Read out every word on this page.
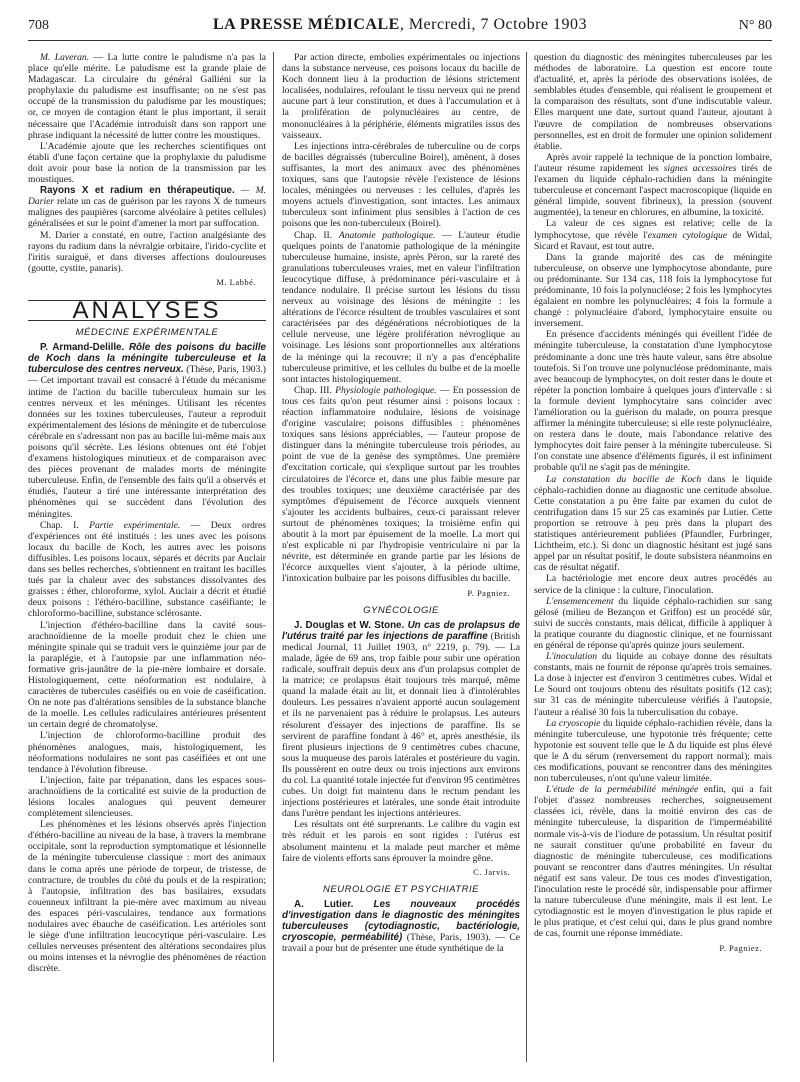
708	LA PRESSE MÉDICALE, Mercredi, 7 Octobre 1903	N° 80

M. Laveran. — La lutte contre le paludisme n'a pas la place qu'elle mérite. Le paludisme est la grande plaie de Madagascar. La circulaire du général Galliéni sur la prophylaxie du paludisme est insuffisante; on ne s'est pas occupé de la transmission du paludisme par les moustiques; or, ce moyen de contagion étant le plus important, il serait nécessaire que l'Académie introduisît dans son rapport une phrase indiquant la nécessité de lutter contre les moustiques.

L'Académie ajoute que les recherches scientifiques ont établi d'une façon certaine que la prophylaxie du paludisme doit avoir pour base la notion de la transmission par les moustiques.

Rayons X et radium en thérapeutique. — M. Darier relate un cas de guérison par les rayons X de tumeurs malignes des paupières (sarcome alvéolaire à petites cellules) généralisées et sur le point d'amener la mort par suffocation.

M. Darier a constaté, en outre, l'action analgésiante des rayons du radium dans la névralgie orbitaire, l'irido-cyclite et l'iritis suraiguë, et dans diverses affections douloureuses (goutte, cystite, panaris).

M. Labbé.
ANALYSES
MÉDECINE EXPÉRIMENTALE

P. Armand-Delille. Rôle des poisons du bacille de Koch dans la méningite tuberculeuse et la tuberculose des centres nerveux. (Thèse, Paris, 1903.) — Cet important travail est consacré à l'étude du mécanisme intime de l'action du bacille tuberculeux humain sur les centres nerveux et les méninges. Utilisant les récentes données sur les toxines tuberculeuses, l'auteur a reproduit expérimentalement des lésions de méningite et de tuberculose cérébrale en s'adressant non pas au bacille lui-même mais aux poisons qu'il sécrète. Les lésions obtenues ont été l'objet d'examens histologiques minutieux et de comparaison avec des pièces provenant de malades morts de méningite tuberculeuse. Enfin, de l'ensemble des faits qu'il a observés et étudiés, l'auteur a tiré une intéressante interprétation des phénomènes qui se succèdent dans l'évolution des méningites.

Chap. I. Partie expérimentale. — Deux ordres d'expériences ont été institués : les unes avec les poisons locaux du bacille de Koch, les autres avec les poisons diffusibles. Les poisons locaux, séparés et décrits par Auclair dans ses belles recherches, s'obtiennent en traitant les bacilles tués par la chaleur avec des substances dissolvantes des graisses : éther, chloroforme, xylol. Auclair a décrit et étudié deux poisons : l'éthéro-bacilline, substance caséifiante; le chloroformo-bacilline, substance sclérosante.

L'injection d'éthéro-bacilline dans la cavité sous-arachnoïdienne de la moelle produit chez le chien une méningite spinale qui se traduit vers le quinzième jour par de la paraplégie, et à l'autopsie par une inflammation néo-formative gris-jaunâtre de la pie-mère lombaire et dorsale. Histologiquement, cette néoformation est nodulaire, à caractères de tubercules caséifiés ou en voie de caséification. On ne note pas d'altérations sensibles de la substance blanche de la moelle. Les cellules radiculaires antérieures présentent un certain degré de chromatolyse.

L'injection de chloroformo-bacilline produit des phénomènes analogues, mais, histologiquement, les néoformations nodulaires ne sont pas caséifiées et ont une tendance à l'évolution fibreuse.

L'injection, faite par trépanation, dans les espaces sous-arachnoïdiens de la corticalité est suivie de la production de lésions locales analogues qui peuvent demeurer complètement silencieuses.

Les phénomènes et les lésions observés après l'injection d'éthéro-bacilline au niveau de la base, à travers la membrane occipitale, sont la reproduction symptomatique et lésionnelle de la méningite tuberculeuse classique : mort des animaux dans le coma après une période de torpeur, de tristesse, de contracture, de troubles du côté du pouls et de la respiration; à l'autopsie, infiltration des bas basilaires, exsudats couenneux infiltrant la pie-mère avec maximum au niveau des espaces péri-vasculaires, tendance aux formations nodulaires avec ébauche de caséification. Les artérioles sont le siège d'une infiltration leucocytique péri-vasculaire. Les cellules nerveuses présentent des altérations secondaires plus ou moins intenses et la névroglie des phénomènes de réaction discrète.

Par action directe, embolies expérimentales ou injections dans la substance nerveuse, ces poisons locaux du bacille de Koch donnent lieu à la production de lésions strictement localisées, nodulaires, refoulant le tissu nerveux qui ne prend aucune part à leur constitution, et dues à l'accumulation et à la prolifération de polynucléaires au centre, de mononucléaires à la périphérie, éléments migratiles issus des vaisseaux.

Les injections intra-cérébrales de tuberculine ou de corps de bacilles dégraissés (tuberculine Boirel), amènent, à doses suffisantes, la mort des animaux avec des phénomènes toxiques, sans que l'autopsie révèle l'existence de lésions locales, méningées ou nerveuses : les cellules, d'après les moyens actuels d'investigation, sont intactes. Les animaux tuberculeux sont infiniment plus sensibles à l'action de ces poisons que les non-tuberculeux (Boirel).

Chap. II. Anatomie pathologique. — L'auteur étudie quelques points de l'anatomie pathologique de la méningite tuberculeuse humaine, insiste, après Péron, sur la rareté des granulations tuberculeuses vraies, met en valeur l'infiltration leucocytique diffuse, à prédominance péri-vasculaire et à tendance nodulaire. Il précise surtout les lésions du tissu nerveux au voisinage des lésions de méningite : les altérations de l'écorce résultent de troubles vasculaires et sont caractérisées par des dégénérations nécrobiotiques de la cellule nerveuse, une légère prolifération névroglique au voisinage. Les lésions sont proportionnelles aux altérations de la méninge qui la recouvre; il n'y a pas d'encéphalite tuberculeuse primitive, et les cellules du bulbe et de la moelle sont intactes histologiquement.

Chap. III. Physiologie pathologique. — En possession de tous ces faits qu'on peut résumer ainsi : poisons locaux : réaction inflammatoire nodulaire, lésions de voisinage d'origine vasculaire; poisons diffusibles : phénomènes toxiques sans lésions appréciables, — l'auteur propose de distinguer dans la méningite tuberculeuse trois périodes, au point de vue de la genèse des symptômes. Une première d'excitation corticale, qui s'explique surtout par les troubles circulatoires de l'écorce et, dans une plus faible mesure par des troubles toxiques; une deuxième caractérisée par des symptômes d'épuisement de l'écorce auxquels viennent s'ajouter les accidents bulbaires, ceux-ci paraissant relever surtout de phénomènes toxiques; la troisième enfin qui aboutit à la mort par épuisement de la moelle. La mort qui n'est explicable ni par l'hydropisie ventriculaire ni par la névrite, est déterminée en grande partie par les lésions de l'écorce auxquelles vient s'ajouter, à la période ultime, l'intoxication bulbaire par les poisons diffusibles du bacille.

P. Pagniez.
GYNÉCOLOGIE

J. Douglas et W. Stone. Un cas de prolapsus de l'utérus traité par les injections de paraffine (British medical Journal, 11 Juillet 1903, n° 2219, p. 79). — La malade, âgée de 69 ans, trop faible pour subir une opération radicale, souffrait depuis deux ans d'un prolapsus complet de la matrice; ce prolapsus était toujours très marqué, même quand la malade était au lit, et donnait lieu à d'intolérables douleurs. Les pessaires n'avaient apporté aucun soulagement et ils ne parvenaient pas à réduire le prolapsus. Les auteurs résolurent d'essayer des injections de paraffine. Ils se servirent de paraffine fondant à 46° et, après anesthésie, ils firent plusieurs injections de 9 centimètres cubes chacune, sous la muqueuse des parois latérales et postérieure du vagin. Ils poussèrent en outre deux ou trois injections aux environs du col. La quantité totale injectée fut d'environ 95 centimètres cubes. Un doigt fut maintenu dans le rectum pendant les injections postérieures et latérales, une sonde était introduite dans l'urètre pendant les injections antérieures.

Les résultats ont été surprenants. Le calibre du vagin est très réduit et les parois en sont rigides : l'utérus est absolument maintenu et la malade peut marcher et même faire de violents efforts sans éprouver la moindre gêne.

C. Jarvis.
NEUROLOGIE ET PSYCHIATRIE

A. Lutier. Les nouveaux procédés d'investigation dans le diagnostic des méningites tuberculeuses (cytodiagnostic, bactériologie, cryoscopie, perméabilité) (Thèse, Paris, 1903). — Ce travail a pour but de présenter une étude synthétique de la

question du diagnostic des méningites tuberculeuses par les méthodes de laboratoire. La question est encore toute d'actualité, et, après la période des observations isolées, de semblables études d'ensemble, qui réalisent le groupement et la comparaison des résultats, sont d'une indiscutable valeur. Elles marquent une date, surtout quand l'auteur, ajoutant à l'œuvre de compilation de nombreuses observations personnelles, est en droit de formuler une opinion solidement établie.

Après avoir rappelé la technique de la ponction lombaire, l'auteur résume rapidement les signes accessoires tirés de l'examen du liquide céphalo-rachidien dans la méningite tuberculeuse et concernant l'aspect macroscopique (liquide en général limpide, souvent fibrineux), la pression (souvent augmentée), la teneur en chlorures, en albumine, la toxicité.

La valeur de ces signes est relative; celle de la lymphocytose, que révèle l'examen cytologique de Widal, Sicard et Ravaut, est tout autre.

Dans la grande majorité des cas de méningite tuberculeuse, on observe une lymphocytose abondante, pure ou prédominante. Sur 134 cas, 118 fois la lymphocytose fut prédominante, 10 fois la polynucléose; 2 fois les lymphocytes égalaient en nombre les polynucléaires; 4 fois la formule a changé : polynucléaire d'abord, lymphocytaire ensuite ou inversement.

En présence d'accidents méningés qui éveillent l'idée de méningite tuberculeuse, la constatation d'une lymphocytose prédominante a donc une très haute valeur, sans être absolue toutefois. Si l'on trouve une polynucléose prédominante, mais avec beaucoup de lymphocytes, on doit rester dans le doute et répéter la ponction lombaire à quelques jours d'intervalle : si la formule devient lymphocytaire sans coïncider avec l'amélioration ou la guérison du malade, on pourra presque affirmer la méningite tuberculeuse; si elle reste polynucléaire, on restera dans le doute, mais l'abondance relative des lymphocytes doit faire penser à la méningite tuberculeuse. Si l'on constate une absence d'éléments figurés, il est infiniment probable qu'il ne s'agit pas de méningite.

La constatation du bacille de Koch dans le liquide céphalo-rachidien donne au diagnostic une certitude absolue. Cette constatation a pu être faite par examen du culot de centrifugation dans 15 sur 25 cas examinés par Lutier. Cette proportion se retrouve à peu près dans la plupart des statistiques antérieurement publiées (Pfaundler, Furbringer, Lichtheim, etc.). Si donc un diagnostic hésitant est jugé sans appel par un résultat positif, le doute subsistera néanmoins en cas de résultat négatif.

La bactériologie met encore deux autres procédés au service de la clinique : la culture, l'inoculation.

L'ensemencement du liquide céphalo-rachidien sur sang gélosé (milieu de Bezançon et Griffon) est un procédé sûr, suivi de succès constants, mais délicat, difficile à appliquer à la pratique courante du diagnostic clinique, et ne fournissant en général de réponse qu'après quinze jours seulement.

L'inoculation du liquide au cobaye donne des résultats constants, mais ne fournit de réponse qu'après trois semaines. La dose à injecter est d'environ 3 centimètres cubes. Widal et Le Sourd ont toujours obtenu des résultats positifs (12 cas); sur 31 cas de méningite tuberculeuse vérifiés à l'autopsie, l'auteur a réalisé 30 fois la tuberculisation du cobaye.

La cryoscopie du liquide céphalo-rachidien révèle, dans la méningite tuberculeuse, une hypotonie très fréquente; cette hypotonie est souvent telle que le Δ du liquide est plus élevé que le Δ du sérum (renversement du rapport normal); mais ces modifications, pouvant se rencontrer dans des méningites non tuberculeuses, n'ont qu'une valeur limitée.

L'étude de la perméabilité méningée enfin, qui a fait l'objet d'assez nombreuses recherches, soigneusement classées ici, révèle, dans la moitié environ des cas de méningite tuberculeuse, la disparition de l'imperméabilité normale vis-à-vis de l'iodure de potassium. Un résultat positif ne saurait constituer qu'une probabilité en faveur du diagnostic de méningite tuberculeuse, ces modifications pouvant se rencontrer dans d'autres méningites. Un résultat négatif est sans valeur. De tous ces modes d'investigation, l'inoculation reste le procédé sûr, indispensable pour affirmer la nature tuberculeuse d'une méningite, mais il est lent. Le cytodiagnostic est le moyen d'investigation le plus rapide et le plus pratique, et c'est celui qui, dans le plus grand nombre de cas, fournit une réponse immédiate.

P. Pagniez.
